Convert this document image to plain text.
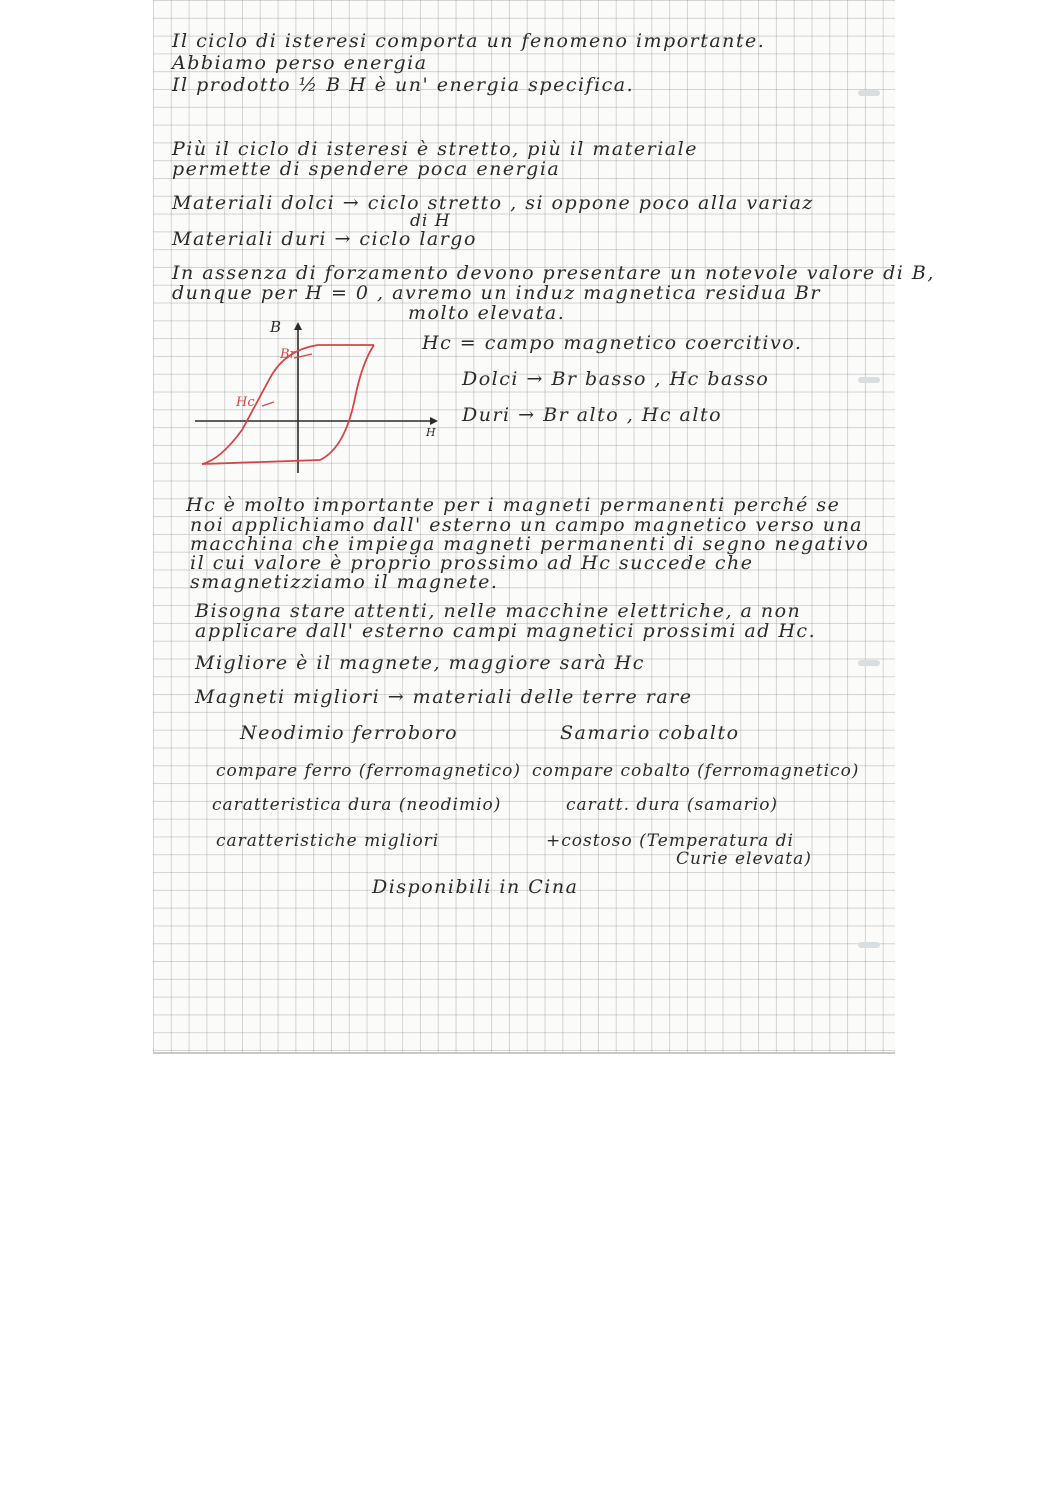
Il ciclo di isteresi comporta un fenomeno importante.

Abbiamo perso energia

Il prodotto ½ B H è un' energia specifica.

Più il ciclo di isteresi è stretto, più il materiale

permette di spendere poca energia

Materiali dolci → ciclo stretto , si oppone poco alla variaz

di H

Materiali duri → ciclo largo

In assenza di forzamento devono presentare un notevole valore di B,

dunque per H = 0 , avremo un induz magnetica residua Br

molto elevata.

B
H
Br
Hc

Hc = campo magnetico coercitivo.

Dolci → Br basso , Hc basso

Duri → Br alto , Hc alto

Hc è molto importante per i magneti permanenti perché se

noi applichiamo dall' esterno un campo magnetico verso una

macchina che impiega magneti permanenti di segno negativo

il cui valore è proprio prossimo ad Hc succede che

smagnetizziamo il magnete.

Bisogna stare attenti, nelle macchine elettriche, a non

applicare dall' esterno campi magnetici prossimi ad Hc.

Migliore è il magnete, maggiore sarà Hc

Magneti migliori → materiali delle terre rare

Neodimio ferroboro

compare ferro (ferromagnetico)

caratteristica dura (neodimio)

caratteristiche migliori

Samario cobalto

compare cobalto (ferromagnetico)

caratt. dura (samario)

+costoso (Temperatura di

Curie elevata)

Disponibili in Cina
